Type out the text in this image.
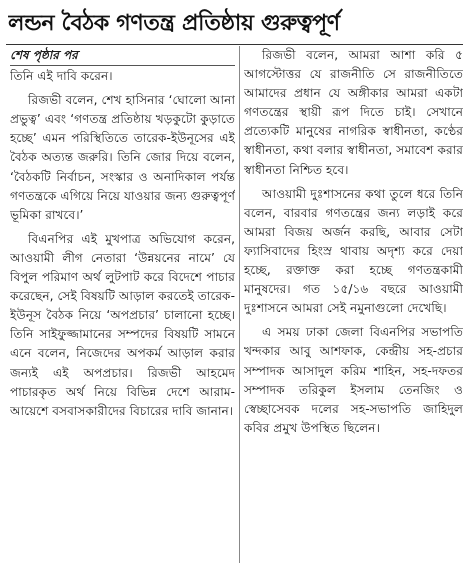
লন্ডন বৈঠক গণতন্ত্র প্রতিষ্ঠায় গুরুত্বপূর্ণ
শেষ পৃষ্ঠার পর
তিনি এই দাবি করেন।
রিজভী বলেন, শেখ হাসিনার ‘ঘোলো আনা প্রভুত্ব’ এবং ‘গণতন্ত্র প্রতিষ্ঠায় খড়কুটো কুড়াতে হচ্ছে’ এমন পরিস্থিতিতে তারেক-ইউনূসের এই বৈঠক অত্যন্ত জরুরি। তিনি জোর দিয়ে বলেন, ‘বৈঠকটি নির্বাচন, সংস্কার ও অনাদিকাল পর্যন্ত গণতন্ত্রকে এগিয়ে নিয়ে যাওয়ার জন্য গুরুত্বপূর্ণ ভূমিকা রাখবে।’
বিএনপির এই মুখপাত্র অভিযোগ করেন, আওয়ামী লীগ নেতারা ‘উন্নয়নের নামে’ যে বিপুল পরিমাণ অর্থ লুটপাট করে বিদেশে পাচার করেছেন, সেই বিষয়টি আড়াল করতেই তারেক-ইউনূস বৈঠক নিয়ে ‘অপপ্রচার’ চালানো হচ্ছে। তিনি সাইফুজ্জামানের সম্পদের বিষয়টি সামনে এনে বলেন, নিজেদের অপকর্ম আড়াল করার জন্যই এই অপপ্রচার। রিজভী আহমেদ পাচারকৃত অর্থ নিয়ে বিভিন্ন দেশে আরাম-আয়েশে বসবাসকারীদের বিচারের দাবি জানান।
রিজভী বলেন, আমরা আশা করি ৫ আগস্টোত্তর যে রাজনীতি সে রাজনীতিতে আমাদের প্রধান যে অঙ্গীকার আমরা একটা গণতন্ত্রের স্থায়ী রূপ দিতে চাই। সেখানে প্রত্যেকটি মানুষের নাগরিক স্বাধীনতা, কণ্ঠের স্বাধীনতা, কথা বলার স্বাধীনতা, সমাবেশ করার স্বাধীনতা নিশ্চিত হবে।
আওয়ামী দুঃশাসনের কথা তুলে ধরে তিনি বলেন, বারবার গণতন্ত্রের জন্য লড়াই করে আমরা বিজয় অর্জন করছি, আবার সেটা ফ্যাসিবাদের হিংস্র থাবায় অদৃশ্য করে দেয়া হচ্ছে, রক্তাক্ত করা হচ্ছে গণতন্ত্রকামী মানুষদের। গত ১৫/১৬ বছরে আওয়ামী দুঃশাসনে আমরা সেই নমুনাগুলো দেখেছি।
এ সময় ঢাকা জেলা বিএনপির সভাপতি খন্দকার আবু আশফাক, কেন্দ্রীয় সহ-প্রচার সম্পাদক আসাদুল করিম শাহিন, সহ-দফতর সম্পাদক তরিকুল ইসলাম তেনজিং ও স্বেচ্ছাসেবক দলের সহ-সভাপতি জাহিদুল কবির প্রমুখ উপস্থিত ছিলেন।
